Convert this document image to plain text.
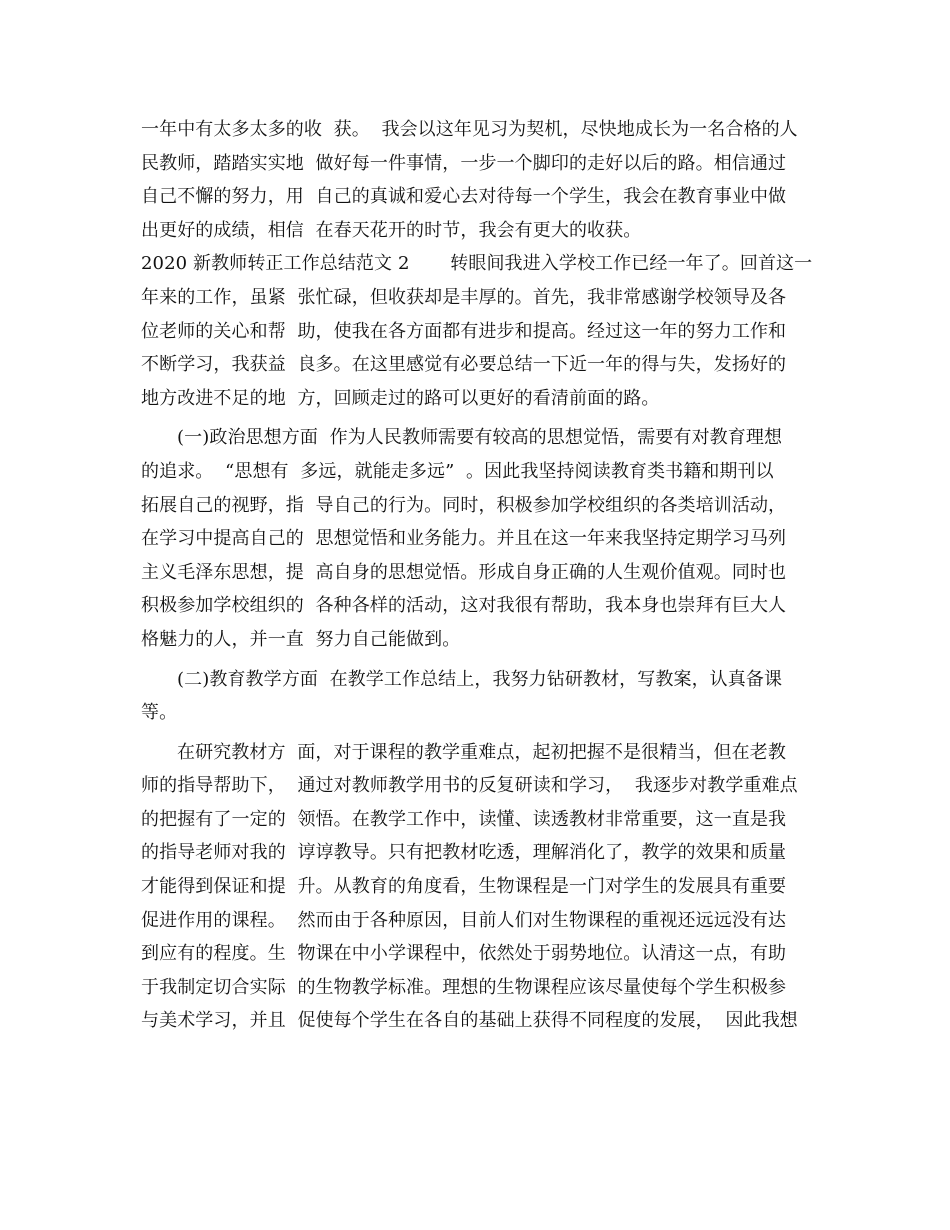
一年中有太多太多的收  获。  我会以这年见习为契机，尽快地成长为一名合格的人
民教师，踏踏实实地  做好每一件事情，一步一个脚印的走好以后的路。相信通过
自己不懈的努力，用  自己的真诚和爱心去对待每一个学生，我会在教育事业中做
出更好的成绩，相信  在春天花开的时节，我会有更大的收获。
2020 新教师转正工作总结范文 2       转眼间我进入学校工作已经一年了。回首这一
年来的工作，虽紧  张忙碌，但收获却是丰厚的。首先，我非常感谢学校领导及各
位老师的关心和帮  助，使我在各方面都有进步和提高。经过这一年的努力工作和
不断学习，我获益  良多。在这里感觉有必要总结一下近一年的得与失，发扬好的
地方改进不足的地  方，回顾走过的路可以更好的看清前面的路。
(一)政治思想方面  作为人民教师需要有较高的思想觉悟，需要有对教育理想
的追求。  “思想有  多远，就能走多远”  。因此我坚持阅读教育类书籍和期刊以
拓展自己的视野，指  导自己的行为。同时，积极参加学校组织的各类培训活动，
在学习中提高自己的  思想觉悟和业务能力。并且在这一年来我坚持定期学习马列
主义毛泽东思想，提  高自身的思想觉悟。形成自身正确的人生观价值观。同时也
积极参加学校组织的  各种各样的活动，这对我很有帮助，我本身也崇拜有巨大人
格魅力的人，并一直  努力自己能做到。
(二)教育教学方面  在教学工作总结上，我努力钻研教材，写教案，认真备课
等。
在研究教材方  面，对于课程的教学重难点，起初把握不是很精当，但在老教
师的指导帮助下，  通过对教师教学用书的反复研读和学习，  我逐步对教学重难点
的把握有了一定的  领悟。在教学工作中，读懂、读透教材非常重要，这一直是我
的指导老师对我的  谆谆教导。只有把教材吃透，理解消化了，教学的效果和质量
才能得到保证和提  升。从教育的角度看，生物课程是一门对学生的发展具有重要
促进作用的课程。  然而由于各种原因，目前人们对生物课程的重视还远远没有达
到应有的程度。生  物课在中小学课程中，依然处于弱势地位。认清这一点，有助
于我制定切合实际  的生物教学标准。理想的生物课程应该尽量使每个学生积极参
与美术学习，并且  促使每个学生在各自的基础上获得不同程度的发展，  因此我想
